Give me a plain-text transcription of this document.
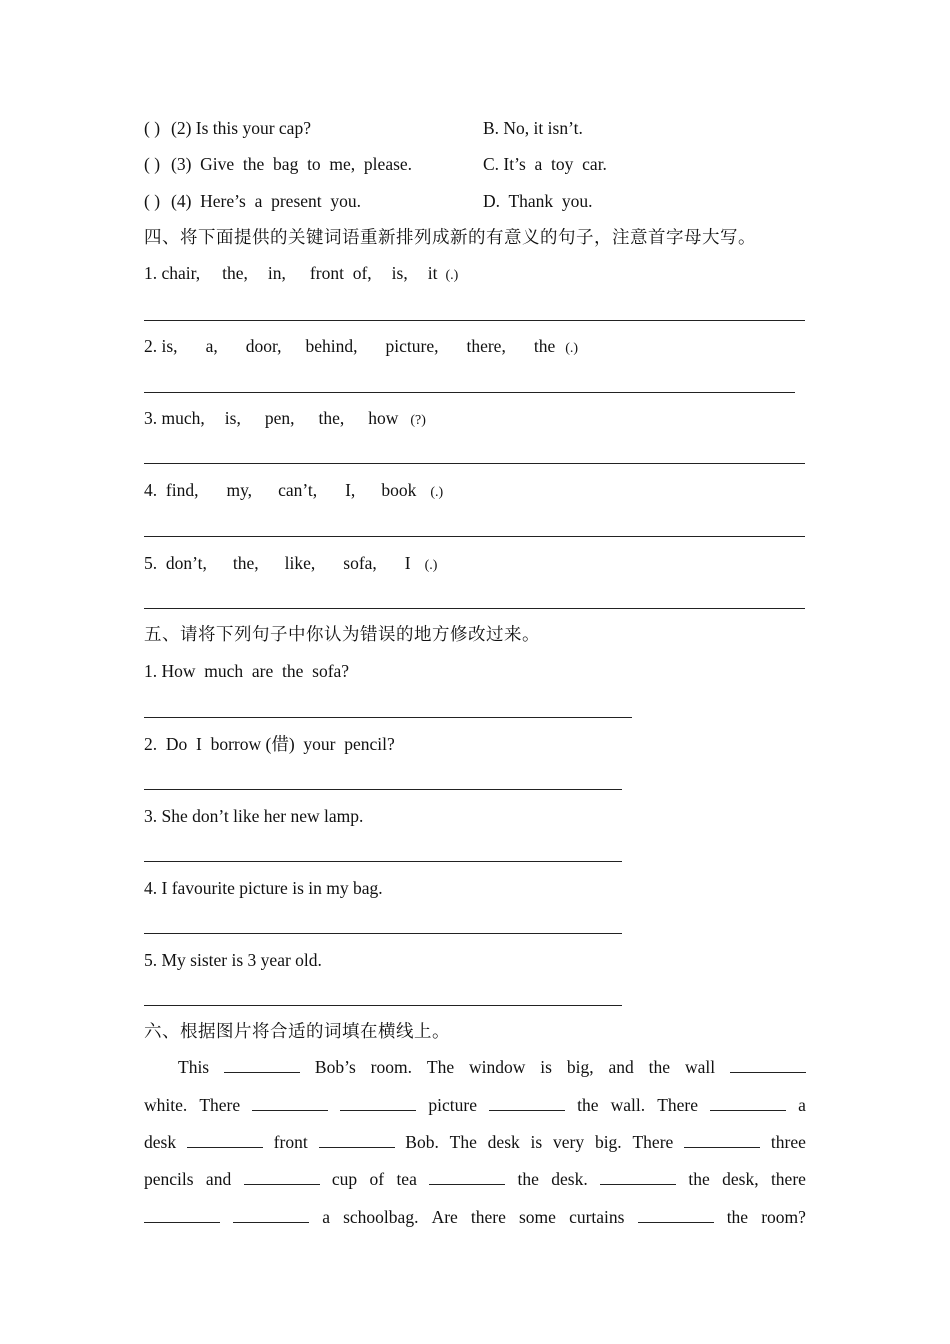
( ) (2) Is this your cap?	B. No, it isn’t.
( ) (3)  Give  the  bag  to  me,  please.	C. It’s  a  toy  car.
( ) (4)  Here’s  a  present  you.	D.  Thank  you.
四、将下面提供的关键词语重新排列成新的有意义的句子，注意首字母大写。
1. chair, the, in, front  of, is, it (.)
2. is, a, door, behind, picture, there, the (.)
3. much, is, pen, the, how (?)
4.  find, my, can’t, I, book (.)
5.  don’t, the, like, sofa, I (.)
五、请将下列句子中你认为错误的地方修改过来。
1. How  much  are  the  sofa?
2.  Do  I  borrow (借)  your  pencil?
3. She don’t like her new lamp.
4. I favourite picture is in my bag.
5. My sister is 3 year old.
六、根据图片将合适的词填在横线上。
This	Bob’s room. The window is big, and the wall
white. There	picture	the wall. There	a
desk	front	Bob. The desk is very big. There	three
pencils and	cup of tea	the desk.	the desk, there
a schoolbag. Are there some curtains	the room?
